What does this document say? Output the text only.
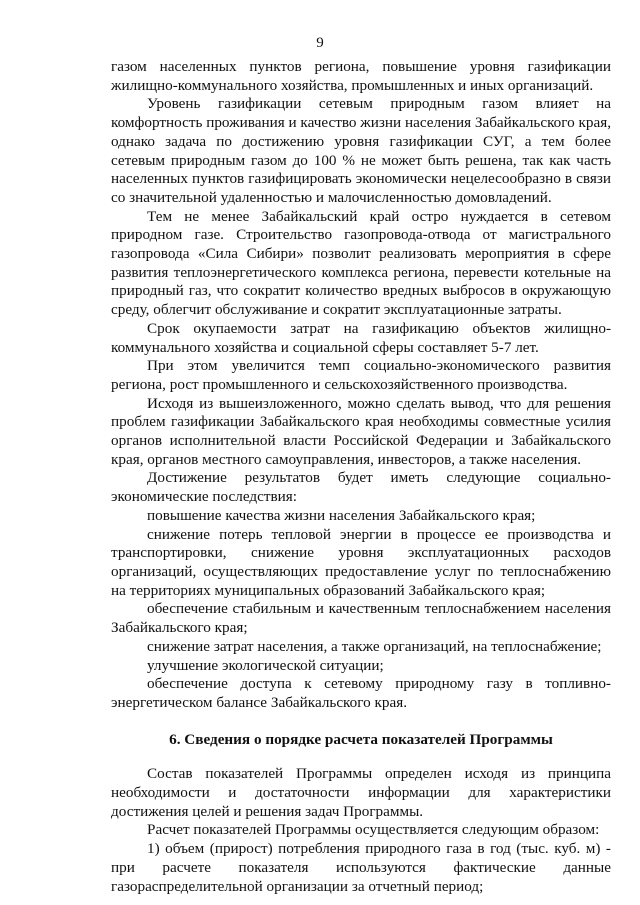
9

газом населенных пунктов региона, повышение уровня газификации жилищно-коммунального хозяйства, промышленных и иных организаций.

Уровень газификации сетевым природным газом влияет на комфортность проживания и качество жизни населения Забайкальского края, однако задача по достижению уровня газификации СУГ, а тем более сетевым природным газом до 100 % не может быть решена, так как часть населенных пунктов газифицировать экономически нецелесообразно в связи со значительной удаленностью и малочисленностью домовладений.

Тем не менее Забайкальский край остро нуждается в сетевом природном газе. Строительство газопровода-отвода от магистрального газопровода «Сила Сибири» позволит реализовать мероприятия в сфере развития теплоэнергетического комплекса региона, перевести котельные на природный газ, что сократит количество вредных выбросов в окружающую среду, облегчит обслуживание и сократит эксплуатационные затраты.

Срок окупаемости затрат на газификацию объектов жилищно-коммунального хозяйства и социальной сферы составляет 5-7 лет.

При этом увеличится темп социально-экономического развития региона, рост промышленного и сельскохозяйственного производства.

Исходя из вышеизложенного, можно сделать вывод, что для решения проблем газификации Забайкальского края необходимы совместные усилия органов исполнительной власти Российской Федерации и Забайкальского края, органов местного самоуправления, инвесторов, а также населения.

Достижение результатов будет иметь следующие социально-экономические последствия:

повышение качества жизни населения Забайкальского края;

снижение потерь тепловой энергии в процессе ее производства и транспортировки, снижение уровня эксплуатационных расходов организаций, осуществляющих предоставление услуг по теплоснабжению на территориях муниципальных образований Забайкальского края;

обеспечение стабильным и качественным теплоснабжением населения Забайкальского края;

снижение затрат населения, а также организаций, на теплоснабжение;

улучшение экологической ситуации;

обеспечение доступа к сетевому природному газу в топливно-энергетическом балансе Забайкальского края.

6. Сведения о порядке расчета показателей Программы

Состав показателей Программы определен исходя из принципа необходимости и достаточности информации для характеристики достижения целей и решения задач Программы.

Расчет показателей Программы осуществляется следующим образом:

1) объем (прирост) потребления природного газа в год (тыс. куб. м) - при расчете показателя используются фактические данные газораспределительной организации за отчетный период;
